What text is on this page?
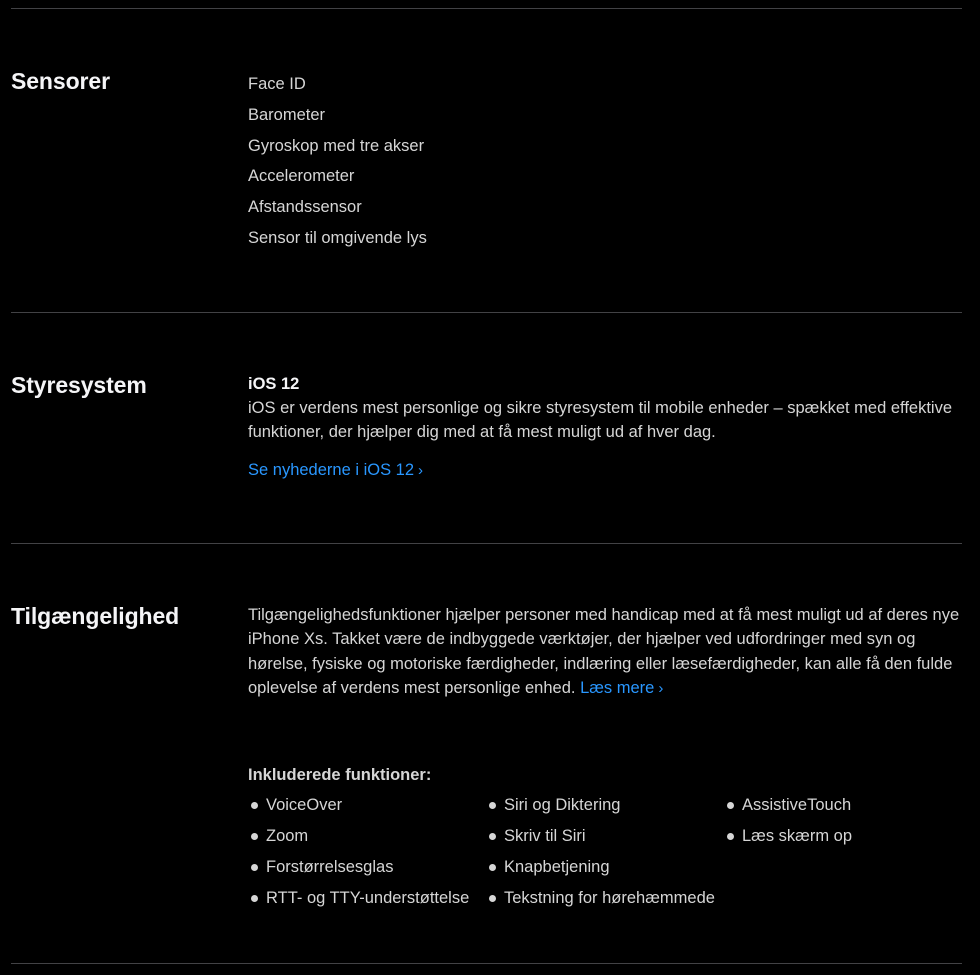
Sensorer	Face ID
Barometer
Gyroskop med tre akser
Accelerometer
Afstandssensor
Sensor til omgivende lys
Styresystem	iOS 12

iOS er verdens mest personlige og sikre styresystem til mobile enheder – spækket med effektive funktioner, der hjælper dig med at få mest muligt ud af hver dag.

Se nyhederne i iOS 12 ›

Tilgængelighed	Tilgængelighedsfunktioner hjælper personer med handicap med at få mest muligt ud af deres nye iPhone Xs. Takket være de indbyggede værktøjer, der hjælper ved udfordringer med syn og hørelse, fysiske og motoriske færdigheder, indlæring eller læsefærdigheder, kan alle få den fulde oplevelse af verdens mest personlige enhed. Læs mere ›

Inkluderede funktioner:

VoiceOver
Zoom
Forstørrelsesglas
RTT- og TTY-understøttelse
Siri og Diktering
Skriv til Siri
Knapbetjening
Tekstning for hørehæmmede
AssistiveTouch
Læs skærm op
